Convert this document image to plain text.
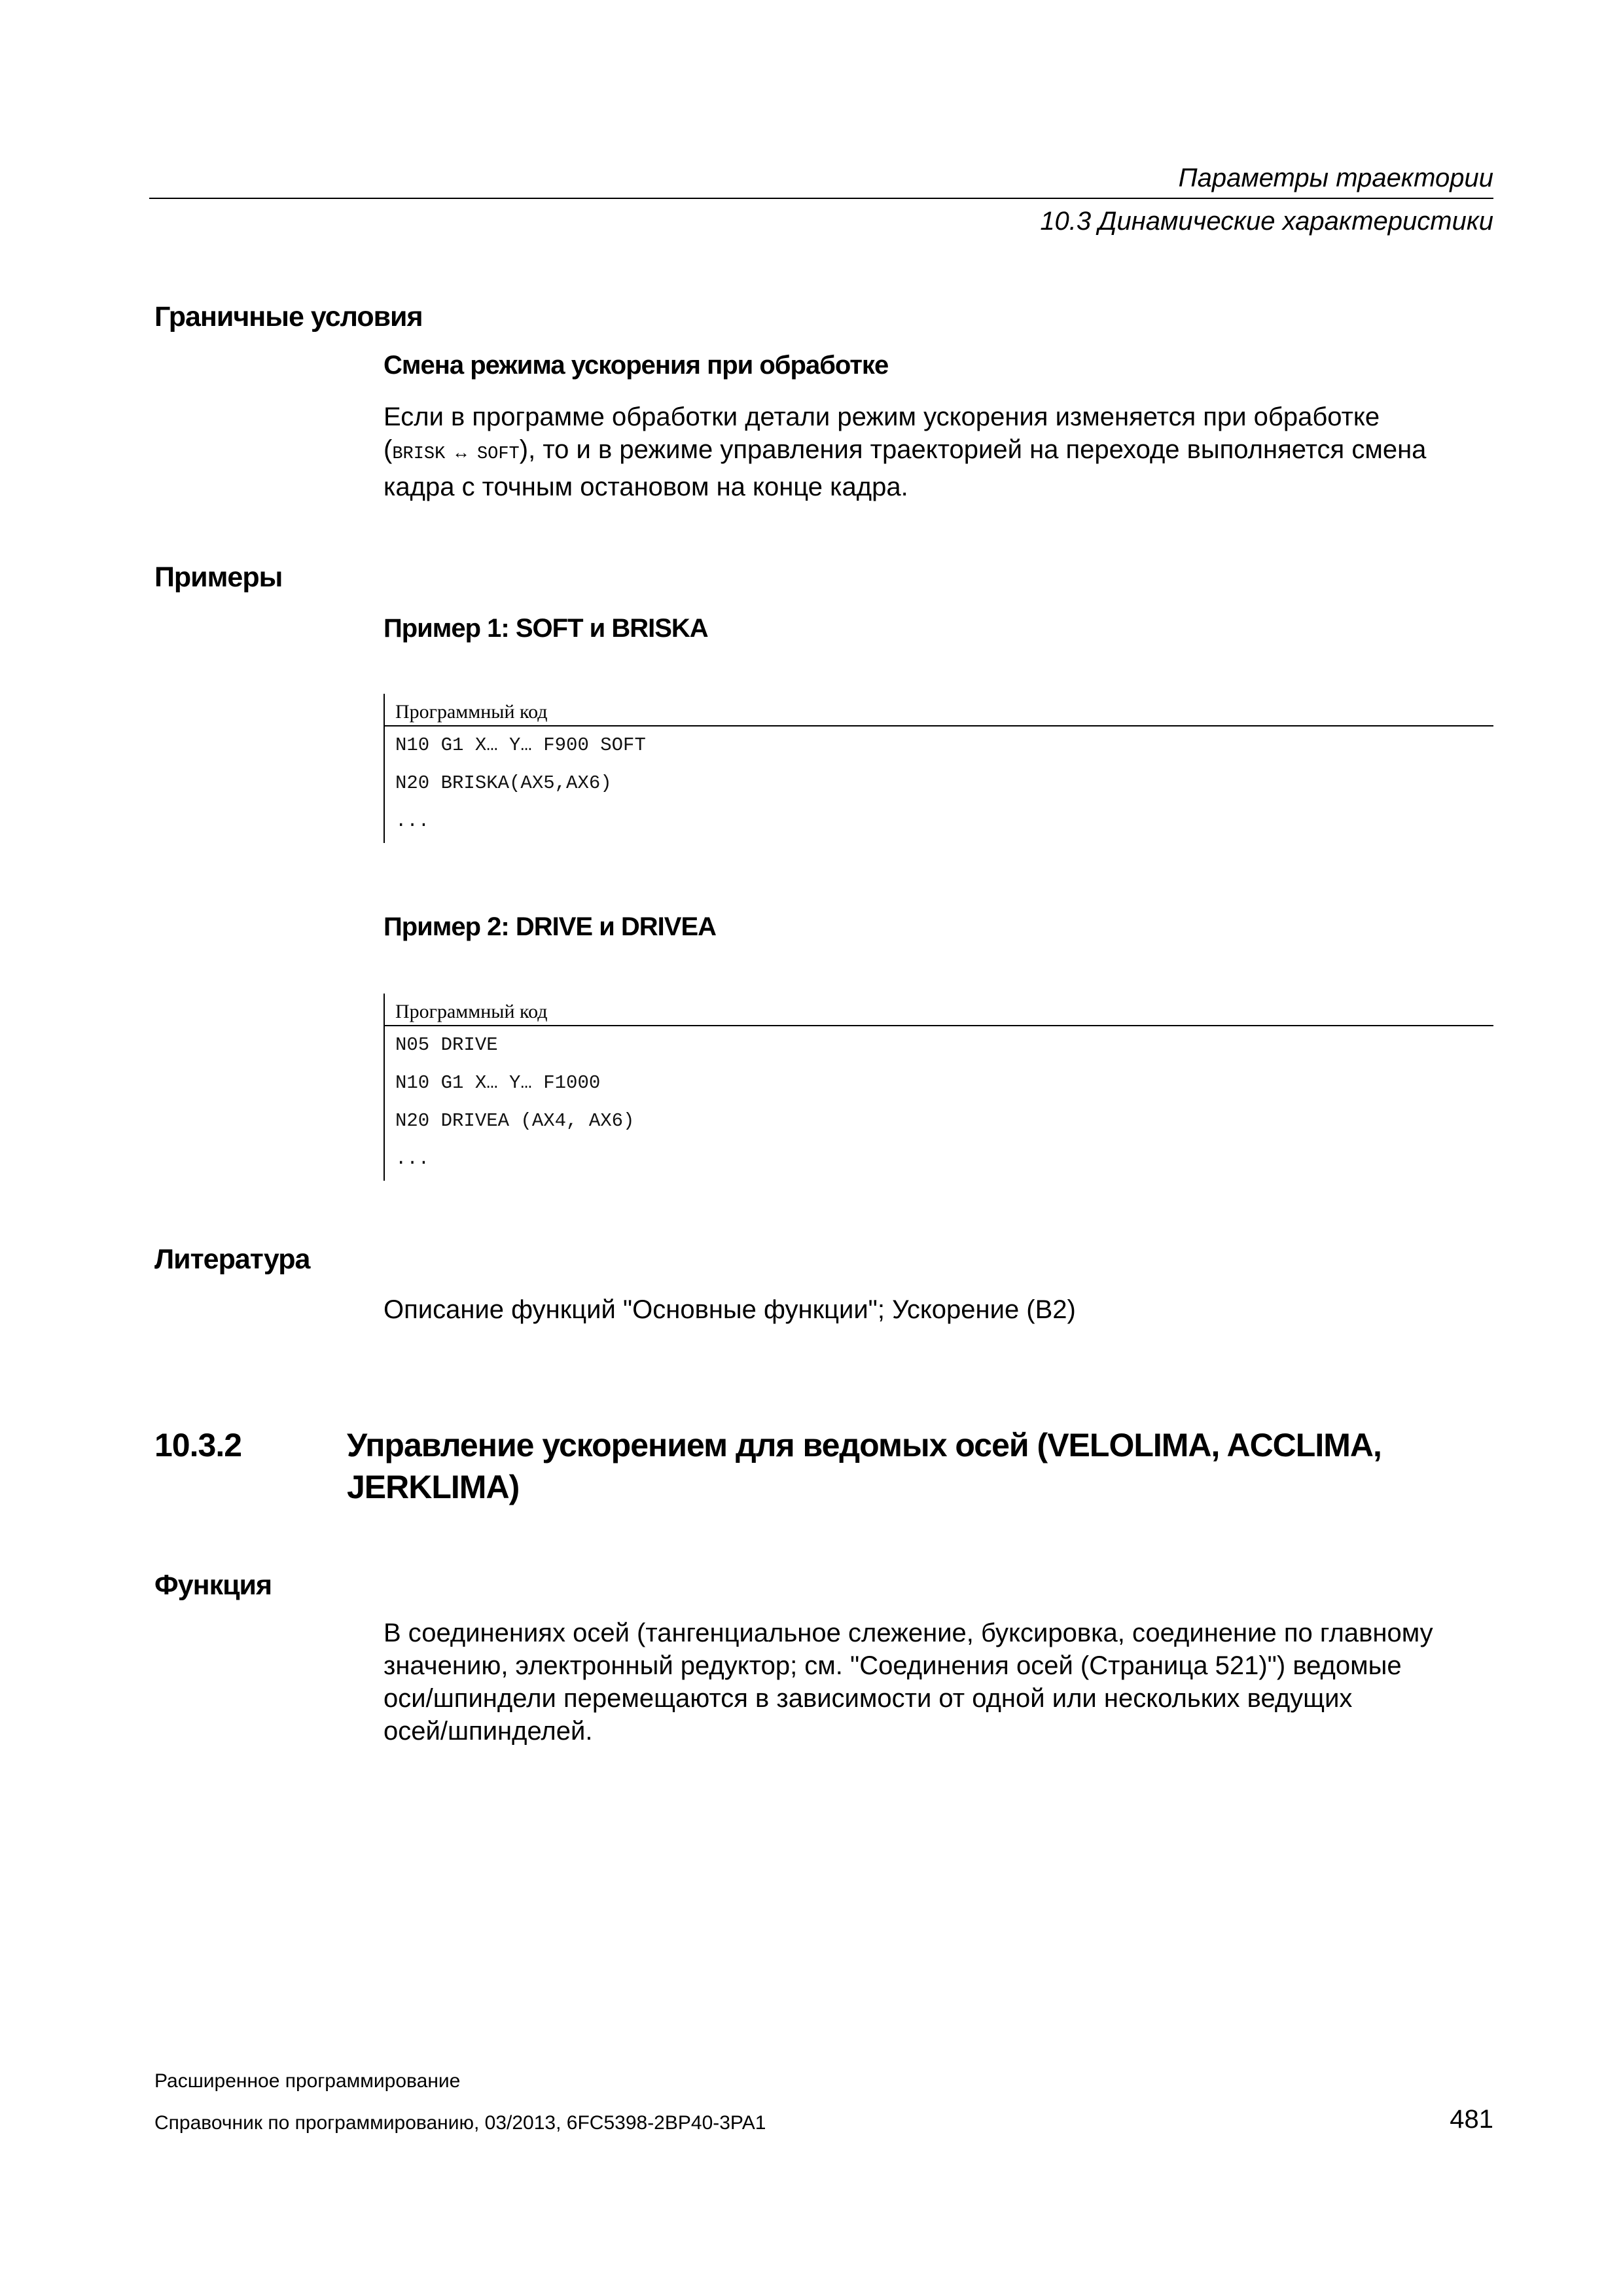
Параметры траектории
10.3 Динамические характеристики
Граничные условия
Смена режима ускорения при обработке
Если в программе обработки детали режим ускорения изменяется при обработке
(BRISK ↔ SOFT), то и в режиме управления траекторией на переходе выполняется смена
кадра с точным остановом на конце кадра.
Примеры
Пример 1: SOFT и BRISKA
Программный код
N10 G1 X… Y… F900 SOFT
N20 BRISKA(AX5,AX6)
...
Пример 2: DRIVE и DRIVEA
Программный код
N05 DRIVE
N10 G1 X… Y… F1000
N20 DRIVEA (AX4, AX6)
...
Литература
Описание функций "Основные функции"; Ускорение (B2)
10.3.2	Управление ускорением для ведомых осей (VELOLIMA, ACCLIMA,
JERKLIMA)
Функция
В соединениях осей (тангенциальное слежение, буксировка, соединение по главному
значению, электронный редуктор; см. "Соединения осей (Страница 521)") ведомые
оси/шпиндели перемещаются в зависимости от одной или нескольких ведущих
осей/шпинделей.
Расширенное программирование
Справочник по программированию, 03/2013, 6FC5398-2BP40-3PA1	481
